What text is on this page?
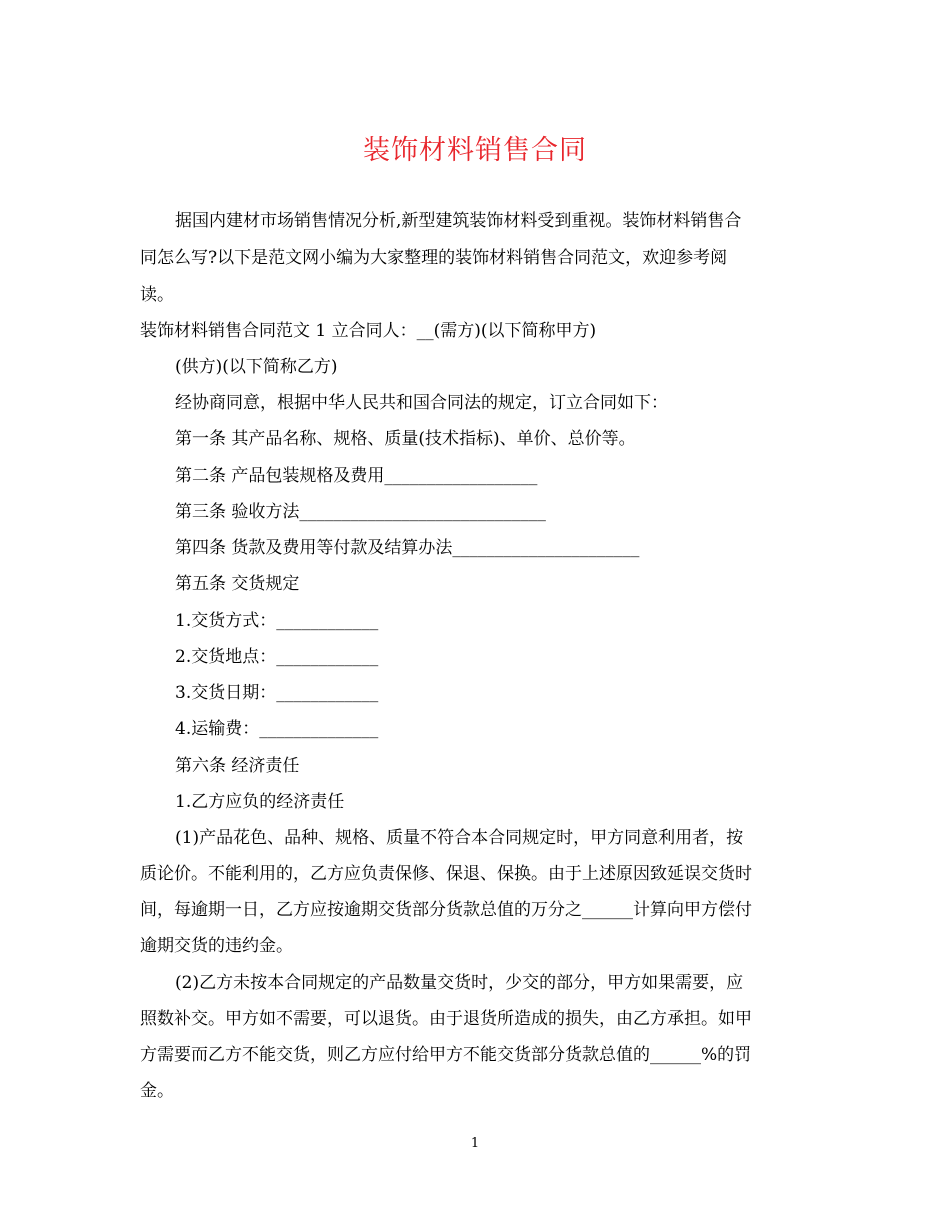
装饰材料销售合同
据国内建材市场销售情况分析,新型建筑装饰材料受到重视。装饰材料销售合
同怎么写?以下是范文网小编为大家整理的装饰材料销售合同范文，欢迎参考阅
读。
装饰材料销售合同范文 1 立合同人：__(需方)(以下简称甲方)
(供方)(以下简称乙方)
经协商同意，根据中华人民共和国合同法的规定，订立合同如下：
第一条 其产品名称、规格、质量(技术指标)、单价、总价等。
第二条 产品包装规格及费用__________________
第三条 验收方法_____________________________
第四条 货款及费用等付款及结算办法______________________
第五条 交货规定
1.交货方式：____________
2.交货地点：____________
3.交货日期：____________
4.运输费：______________
第六条 经济责任
1.乙方应负的经济责任
(1)产品花色、品种、规格、质量不符合本合同规定时，甲方同意利用者，按
质论价。不能利用的，乙方应负责保修、保退、保换。由于上述原因致延误交货时
间，每逾期一日，乙方应按逾期交货部分货款总值的万分之______计算向甲方偿付
逾期交货的违约金。
(2)乙方未按本合同规定的产品数量交货时，少交的部分，甲方如果需要，应
照数补交。甲方如不需要，可以退货。由于退货所造成的损失，由乙方承担。如甲
方需要而乙方不能交货，则乙方应付给甲方不能交货部分货款总值的______%的罚
金。
1
